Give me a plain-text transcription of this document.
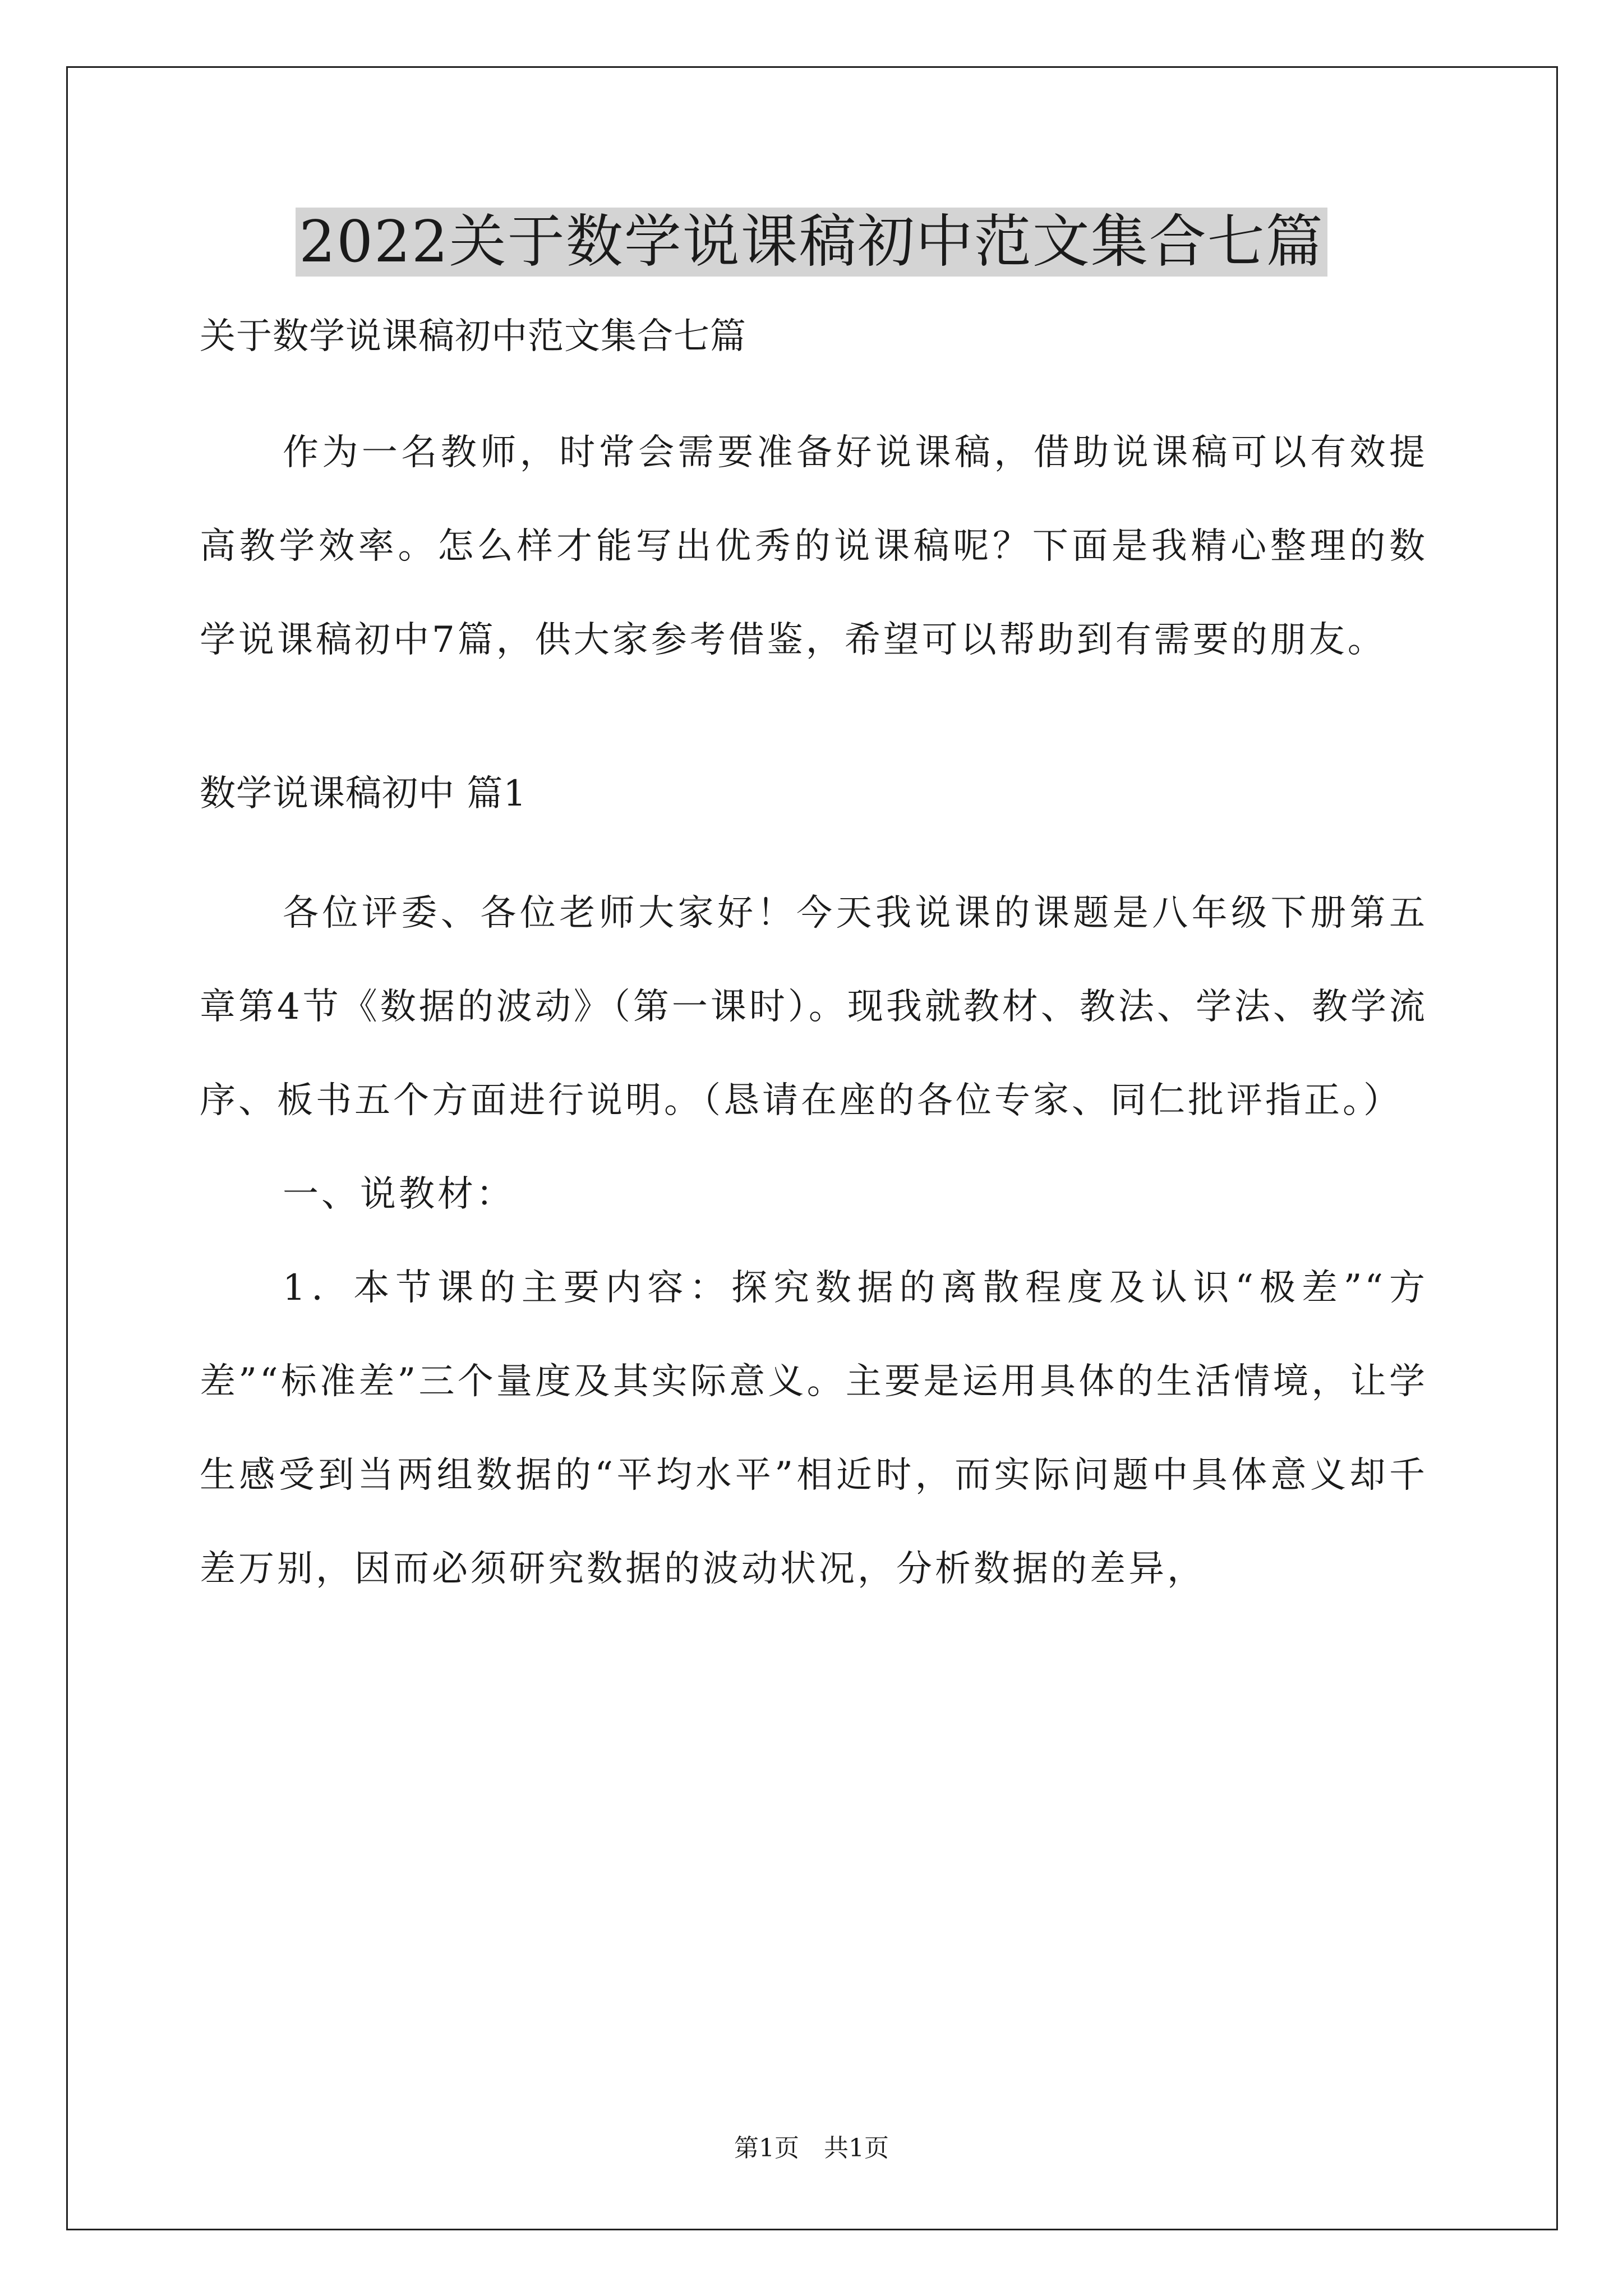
2022关于数学说课稿初中范文集合七篇
关于数学说课稿初中范文集合七篇

作为一名教师，时常会需要准备好说课稿，借助说课稿可以有效提高教学效率。怎么样才能写出优秀的说课稿呢？下面是我精心整理的数学说课稿初中7篇，供大家参考借鉴，希望可以帮助到有需要的朋友。

数学说课稿初中 篇1

各位评委、各位老师大家好！今天我说课的课题是八年级下册第五章第4节《数据的波动》（第一课时）。现我就教材、教法、学法、教学流序、板书五个方面进行说明。（恳请在座的各位专家、同仁批评指正。）

一、说教材：

1．本节课的主要内容：探究数据的离散程度及认识“极差”“方差”“标准差”三个量度及其实际意义。主要是运用具体的生活情境，让学生感受到当两组数据的“平均水平”相近时，而实际问题中具体意义却千差万别，因而必须研究数据的波动状况，分析数据的差异，

第1页　共1页
